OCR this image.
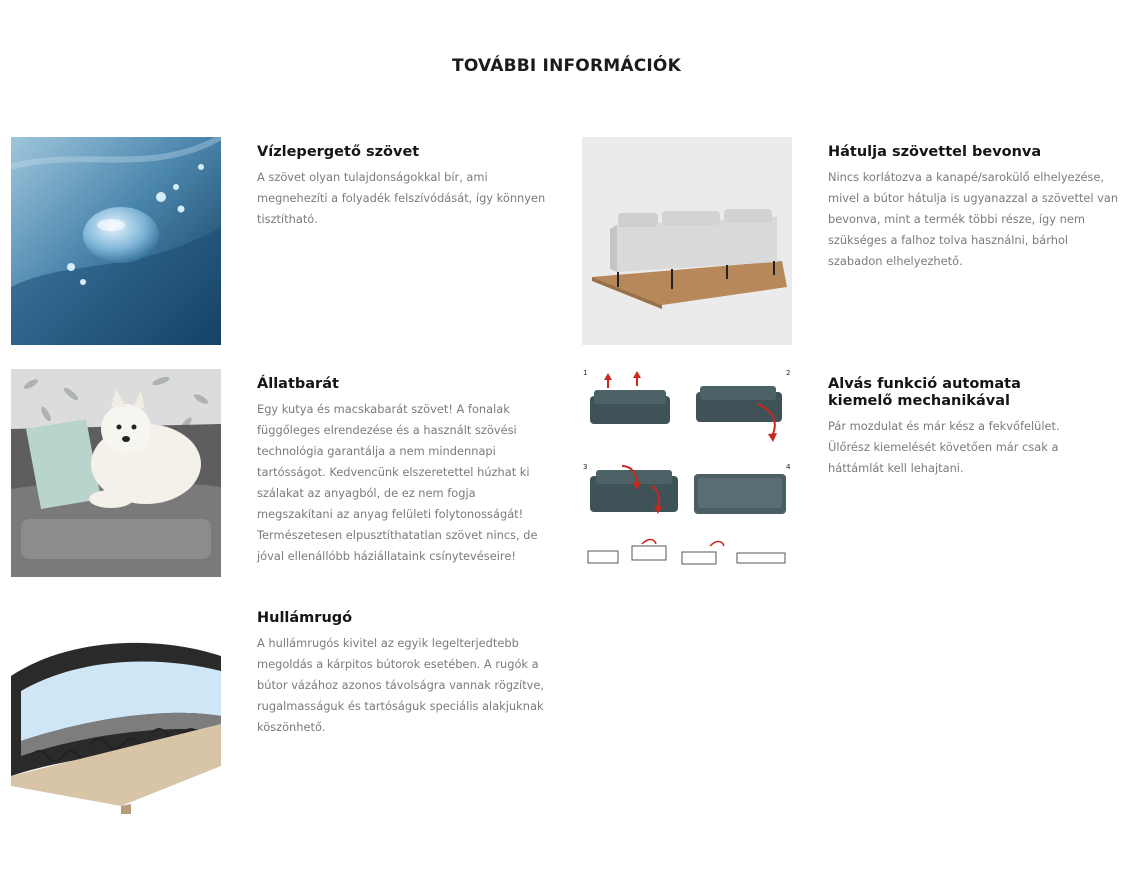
TOVÁBBI INFORMÁCIÓK
Vízlepergető szövet

A szövet olyan tulajdonságokkal bír, ami megnehezíti a folyadék felszívódását, így könnyen tisztítható.

Hátulja szövettel bevonva

Nincs korlátozva a kanapé/sarokülő elhelyezése, mivel a bútor hátulja is ugyanazzal a szövettel van bevonva, mint a termék többi része, így nem szükséges a falhoz tolva használni, bárhol szabadon elhelyezhető.

Állatbarát

Egy kutya és macskabarát szövet! A fonalak függőleges elrendezése és a használt szövési technológia garantálja a nem mindennapi tartósságot. Kedvencünk elszeretettel húzhat ki szálakat az anyagból, de ez nem fogja megszakítani az anyag felületi folytonosságát! Természetesen elpusztíthatatlan szövet nincs, de jóval ellenállóbb háziállataink csínytevéseire!

1	2
3	4
Alvás funkció automata kiemelő mechanikával

Pár mozdulat és már kész a fekvőfelület. Ülőrész kiemelését követően már csak a háttámlát kell lehajtani.

Hullámrugó

A hullámrugós kivitel az egyik legelterjedtebb megoldás a kárpitos bútorok esetében. A rugók a bútor vázához azonos távolságra vannak rögzítve, rugalmasságuk és tartóságuk speciális alakjuknak köszönhető.
